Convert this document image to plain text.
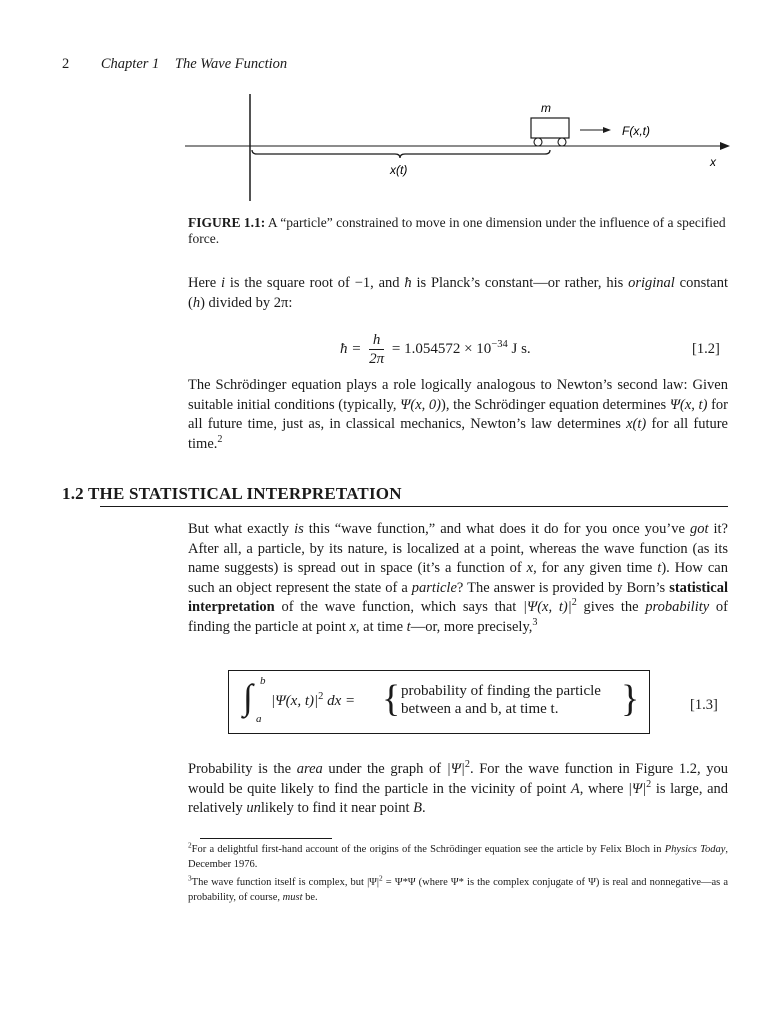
2 Chapter 1 The Wave Function
m
F(x,t)
x
x(t)
FIGURE 1.1: A “particle” constrained to move in one dimension under the influence of a specified force.
Here i is the square root of −1, and ħ is Planck’s constant—or rather, his original constant (h) divided by 2π:
ħ = $\frac{h}{2\pi} = 1.054572 \times 10^{-34}$ J s.	[1.2]
The Schrödinger equation plays a role logically analogous to Newton’s second law: Given suitable initial conditions (typically, Ψ(x, 0)), the Schrödinger equation determines Ψ(x, t) for all future time, just as, in classical mechanics, Newton’s law determines x(t) for all future time.$^2$
1.2 THE STATISTICAL INTERPRETATION
But what exactly is this “wave function,” and what does it do for you once you’ve got it? After all, a particle, by its nature, is localized at a point, whereas the wave function (as its name suggests) is spread out in space (it’s a function of x, for any given time t). How can such an object represent the state of a particle? The answer is provided by Born’s statistical interpretation of the wave function, which says that |Ψ(x, $t)|^2$ gives the probability of finding the particle at point x, at time t—or, more precisely,$^3$
∫ b
a
|Ψ(x, $t)|^2$ dx = { probability of finding the particle
between a and b, at time t. }	[1.3]
Probability is the area under the graph of $|\Psi|^2$. For the wave function in Figure 1.2, you would be quite likely to find the particle in the vicinity of point A, where $|\Psi|^2$ is large, and relatively unlikely to find it near point B.
$^2$For a delightful first-hand account of the origins of the Schrödinger equation see the article by Felix Bloch in Physics Today, December 1976.
$^3$The wave function itself is complex, but $|\Psi|^2 = \Psi*\Psi$ (where Ψ* is the complex conjugate of Ψ) is real and nonnegative—as a probability, of course, must be.
